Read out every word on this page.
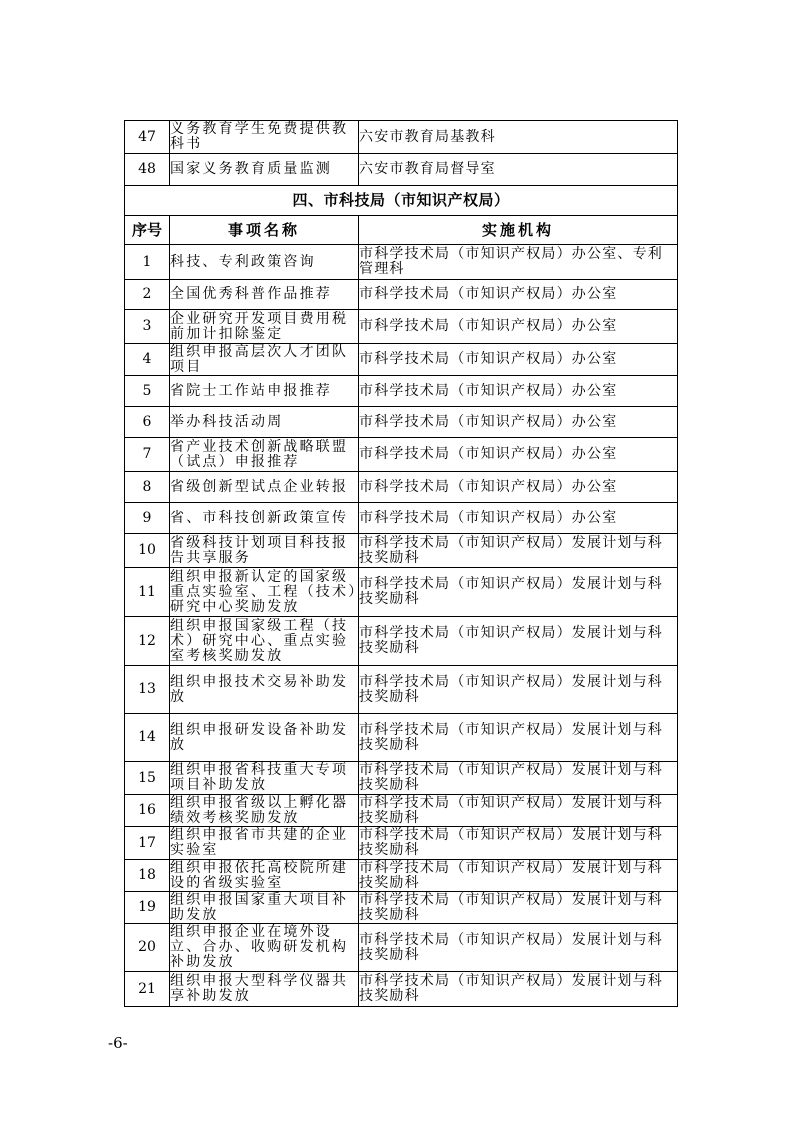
47	义务教育学生免费提供教科书	六安市教育局基教科
48	国家义务教育质量监测	六安市教育局督导室
四、市科技局（市知识产权局）		
序号	事项名称	实施机构
1	科技、专利政策咨询	市科学技术局（市知识产权局）办公室、专利管理科
2	全国优秀科普作品推荐	市科学技术局（市知识产权局）办公室
3	企业研究开发项目费用税前加计扣除鉴定	市科学技术局（市知识产权局）办公室
4	组织申报高层次人才团队项目	市科学技术局（市知识产权局）办公室
5	省院士工作站申报推荐	市科学技术局（市知识产权局）办公室
6	举办科技活动周	市科学技术局（市知识产权局）办公室
7	省产业技术创新战略联盟（试点）申报推荐	市科学技术局（市知识产权局）办公室
8	省级创新型试点企业转报	市科学技术局（市知识产权局）办公室
9	省、市科技创新政策宣传	市科学技术局（市知识产权局）办公室
10	省级科技计划项目科技报告共享服务	市科学技术局（市知识产权局）发展计划与科技奖励科
11	组织申报新认定的国家级重点实验室、工程（技术）研究中心奖励发放	市科学技术局（市知识产权局）发展计划与科技奖励科
12	组织申报国家级工程（技术）研究中心、重点实验室考核奖励发放	市科学技术局（市知识产权局）发展计划与科技奖励科
13	组织申报技术交易补助发放	市科学技术局（市知识产权局）发展计划与科技奖励科
14	组织申报研发设备补助发放	市科学技术局（市知识产权局）发展计划与科技奖励科
15	组织申报省科技重大专项项目补助发放	市科学技术局（市知识产权局）发展计划与科技奖励科
16	组织申报省级以上孵化器绩效考核奖励发放	市科学技术局（市知识产权局）发展计划与科技奖励科
17	组织申报省市共建的企业实验室	市科学技术局（市知识产权局）发展计划与科技奖励科
18	组织申报依托高校院所建设的省级实验室	市科学技术局（市知识产权局）发展计划与科技奖励科
19	组织申报国家重大项目补助发放	市科学技术局（市知识产权局）发展计划与科技奖励科
20	组织申报企业在境外设立、合办、收购研发机构补助发放	市科学技术局（市知识产权局）发展计划与科技奖励科
21	组织申报大型科学仪器共享补助发放	市科学技术局（市知识产权局）发展计划与科技奖励科
-6-
